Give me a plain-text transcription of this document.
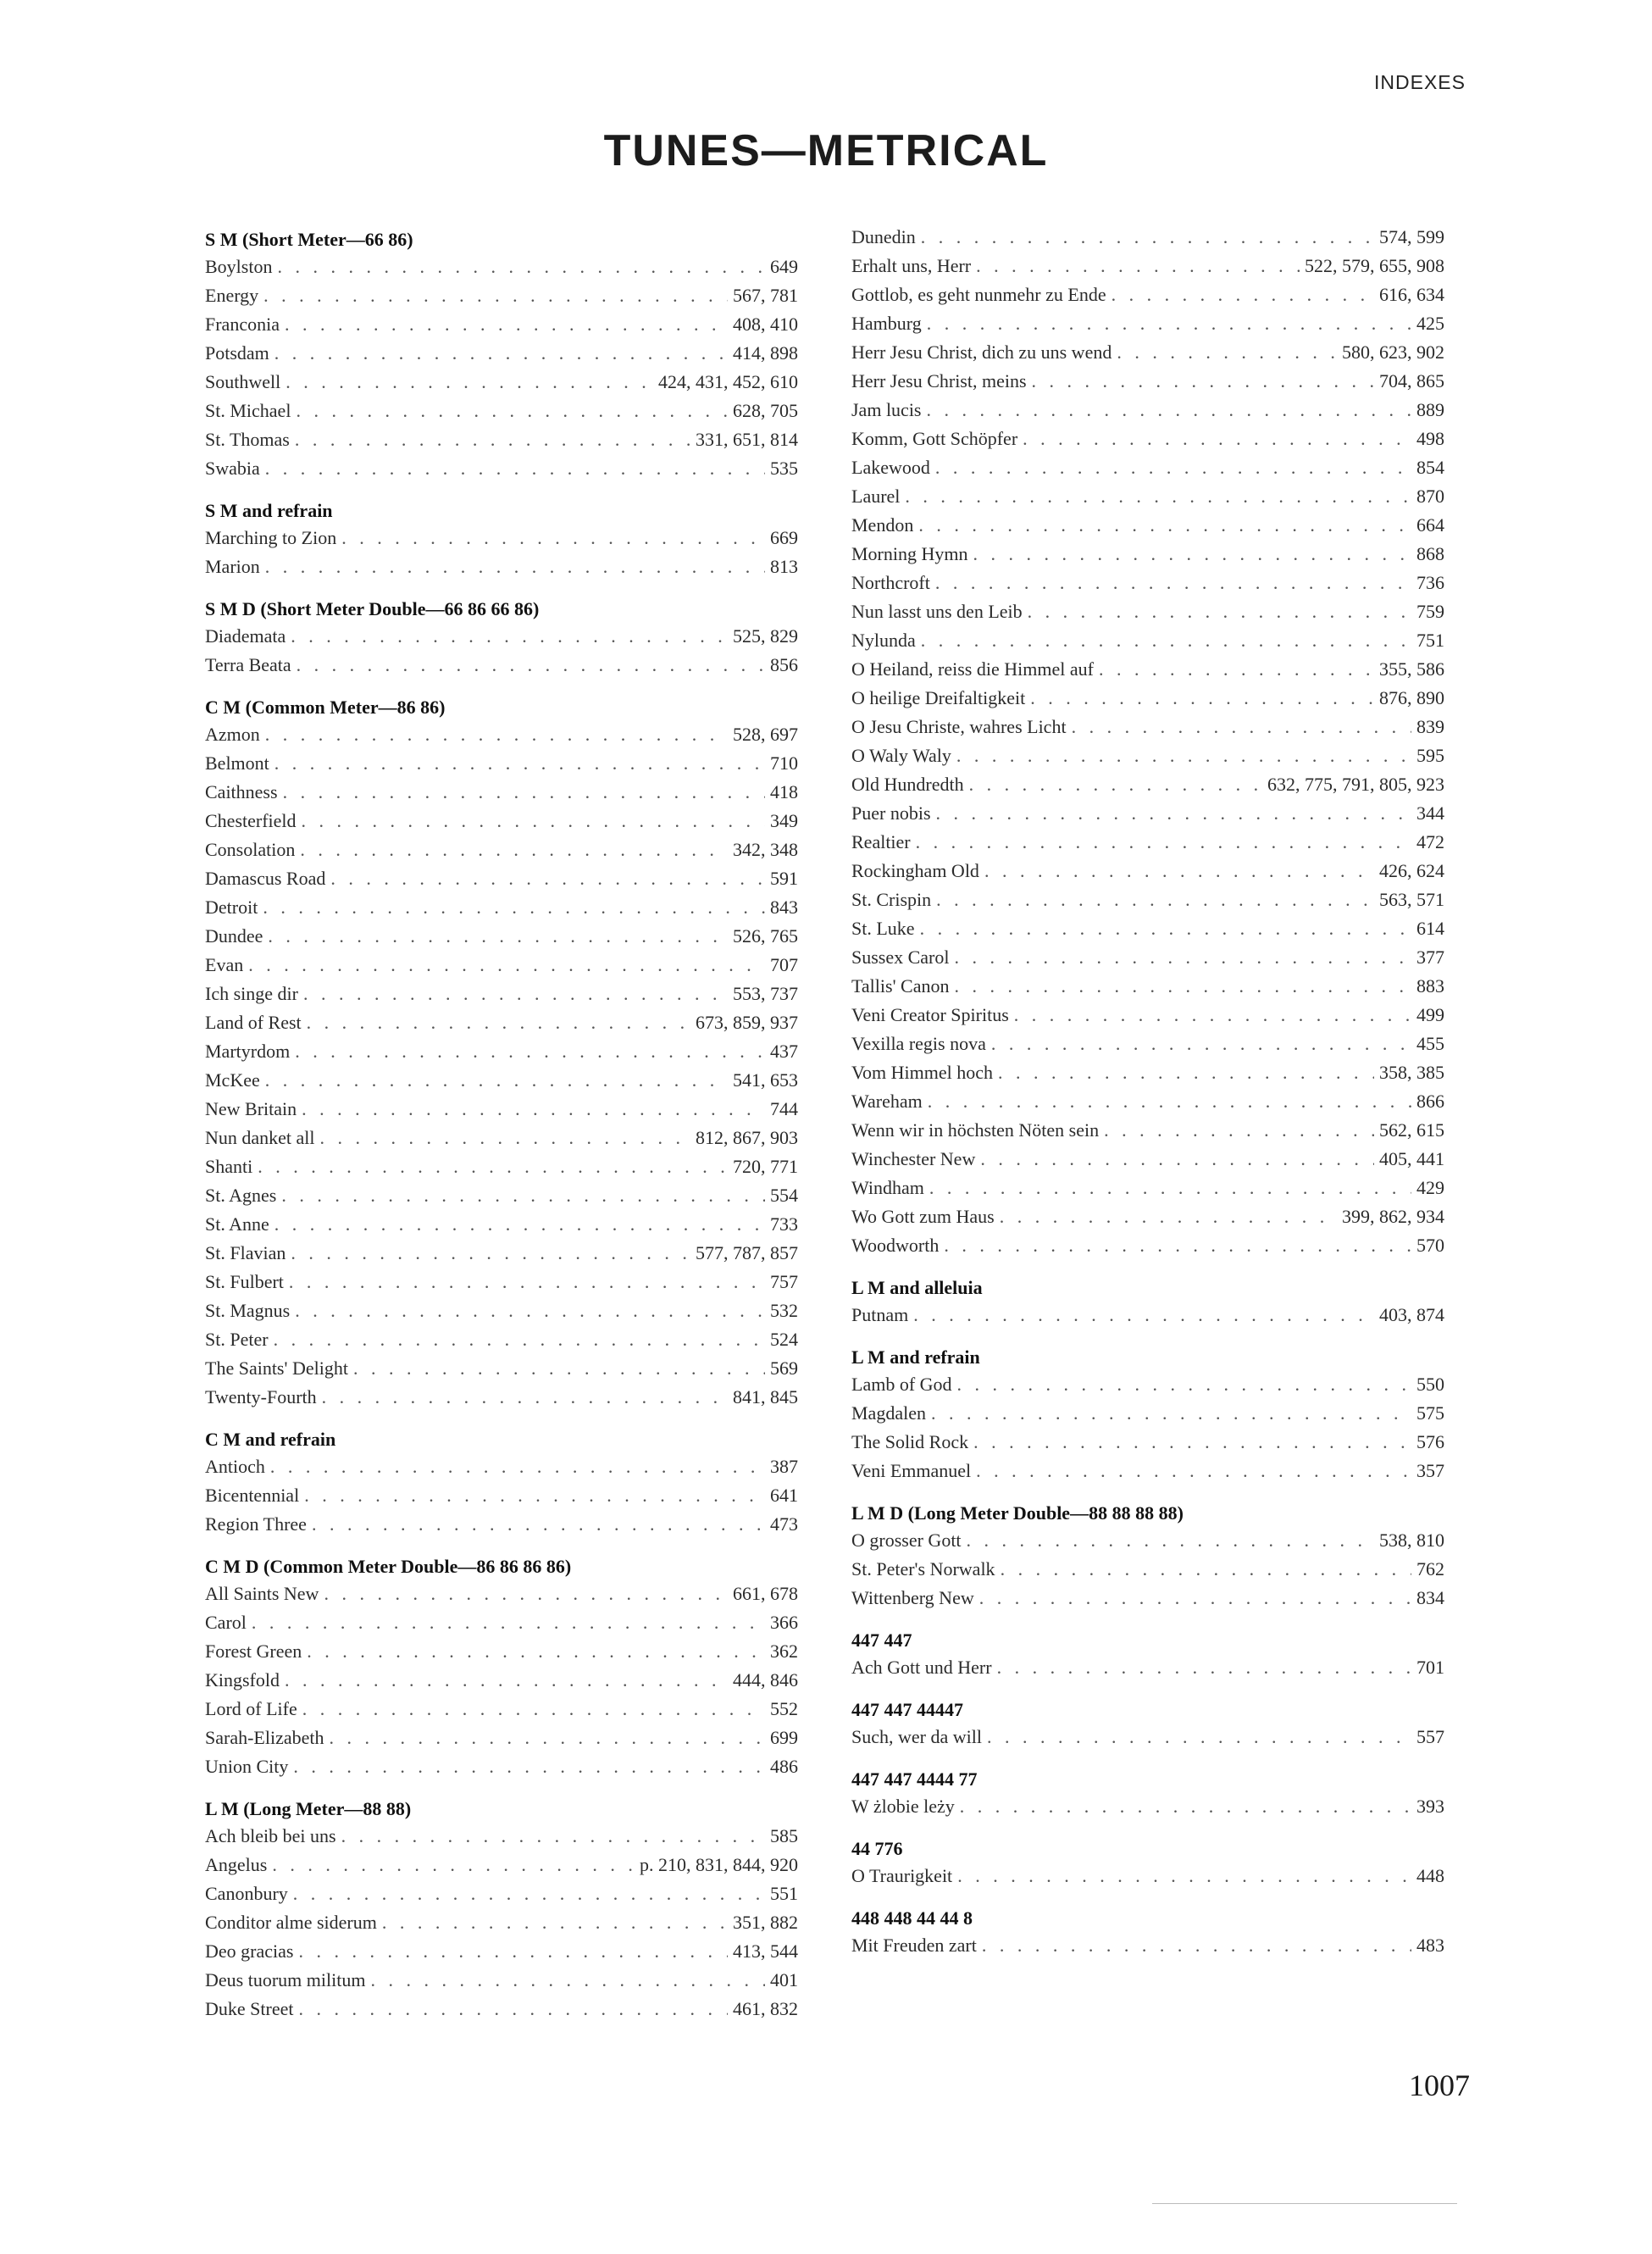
INDEXES
TUNES—METRICAL
S M (Short Meter—66 86)
Boylston . . .	649
Energy . . .	567, 781
Franconia . . .	408, 410
Potsdam . . .	414, 898
Southwell . . .	424, 431, 452, 610
St. Michael . . .	628, 705
St. Thomas . . .	331, 651, 814
Swabia . . .	535
S M and refrain
Marching to Zion . . .	669
Marion . . .	813
S M D (Short Meter Double—66 86 66 86)
Diademata . . .	525, 829
Terra Beata . . .	856
C M (Common Meter—86 86)
Azmon . . .	528, 697
Belmont . . .	710
Caithness . . .	418
Chesterfield . . .	349
Consolation . . .	342, 348
Damascus Road . . .	591
Detroit . . .	843
Dundee . . .	526, 765
Evan . . .	707
Ich singe dir . . .	553, 737
Land of Rest . . .	673, 859, 937
Martyrdom . . .	437
McKee . . .	541, 653
New Britain . . .	744
Nun danket all . . .	812, 867, 903
Shanti . . .	720, 771
St. Agnes . . .	554
St. Anne . . .	733
St. Flavian . . .	577, 787, 857
St. Fulbert . . .	757
St. Magnus . . .	532
St. Peter . . .	524
The Saints' Delight . . .	569
Twenty-Fourth . . .	841, 845
C M and refrain
Antioch . . .	387
Bicentennial . . .	641
Region Three . . .	473
C M D (Common Meter Double—86 86 86 86)
All Saints New . . .	661, 678
Carol . . .	366
Forest Green . . .	362
Kingsfold . . .	444, 846
Lord of Life . . .	552
Sarah-Elizabeth . . .	699
Union City . . .	486
L M (Long Meter—88 88)
Ach bleib bei uns . . .	585
Angelus . . .	p. 210, 831, 844, 920
Canonbury . . .	551
Conditor alme siderum . . .	351, 882
Deo gracias . . .	413, 544
Deus tuorum militum . . .	401
Duke Street . . .	461, 832
Dunedin . . .	574, 599
Erhalt uns, Herr . . .	522, 579, 655, 908
Gottlob, es geht nunmehr zu Ende . . .	616, 634
Hamburg . . .	425
Herr Jesu Christ, dich zu uns wend . . .	580, 623, 902
Herr Jesu Christ, meins . . .	704, 865
Jam lucis . . .	889
Komm, Gott Schöpfer . . .	498
Lakewood . . .	854
Laurel . . .	870
Mendon . . .	664
Morning Hymn . . .	868
Northcroft . . .	736
Nun lasst uns den Leib . . .	759
Nylunda . . .	751
O Heiland, reiss die Himmel auf . . .	355, 586
O heilige Dreifaltigkeit . . .	876, 890
O Jesu Christe, wahres Licht . . .	839
O Waly Waly . . .	595
Old Hundredth . . .	632, 775, 791, 805, 923
Puer nobis . . .	344
Realtier . . .	472
Rockingham Old . . .	426, 624
St. Crispin . . .	563, 571
St. Luke . . .	614
Sussex Carol . . .	377
Tallis' Canon . . .	883
Veni Creator Spiritus . . .	499
Vexilla regis nova . . .	455
Vom Himmel hoch . . .	358, 385
Wareham . . .	866
Wenn wir in höchsten Nöten sein . . .	562, 615
Winchester New . . .	405, 441
Windham . . .	429
Wo Gott zum Haus . . .	399, 862, 934
Woodworth . . .	570
L M and alleluia
Putnam . . .	403, 874
L M and refrain
Lamb of God . . .	550
Magdalen . . .	575
The Solid Rock . . .	576
Veni Emmanuel . . .	357
L M D (Long Meter Double—88 88 88 88)
O grosser Gott . . .	538, 810
St. Peter's Norwalk . . .	762
Wittenberg New . . .	834
447 447
Ach Gott und Herr . . .	701
447 447 44447
Such, wer da will . . .	557
447 447 4444 77
W żlobie leży . . .	393
44 776
O Traurigkeit . . .	448
448 448 44 44 8
Mit Freuden zart . . .	483
1007
